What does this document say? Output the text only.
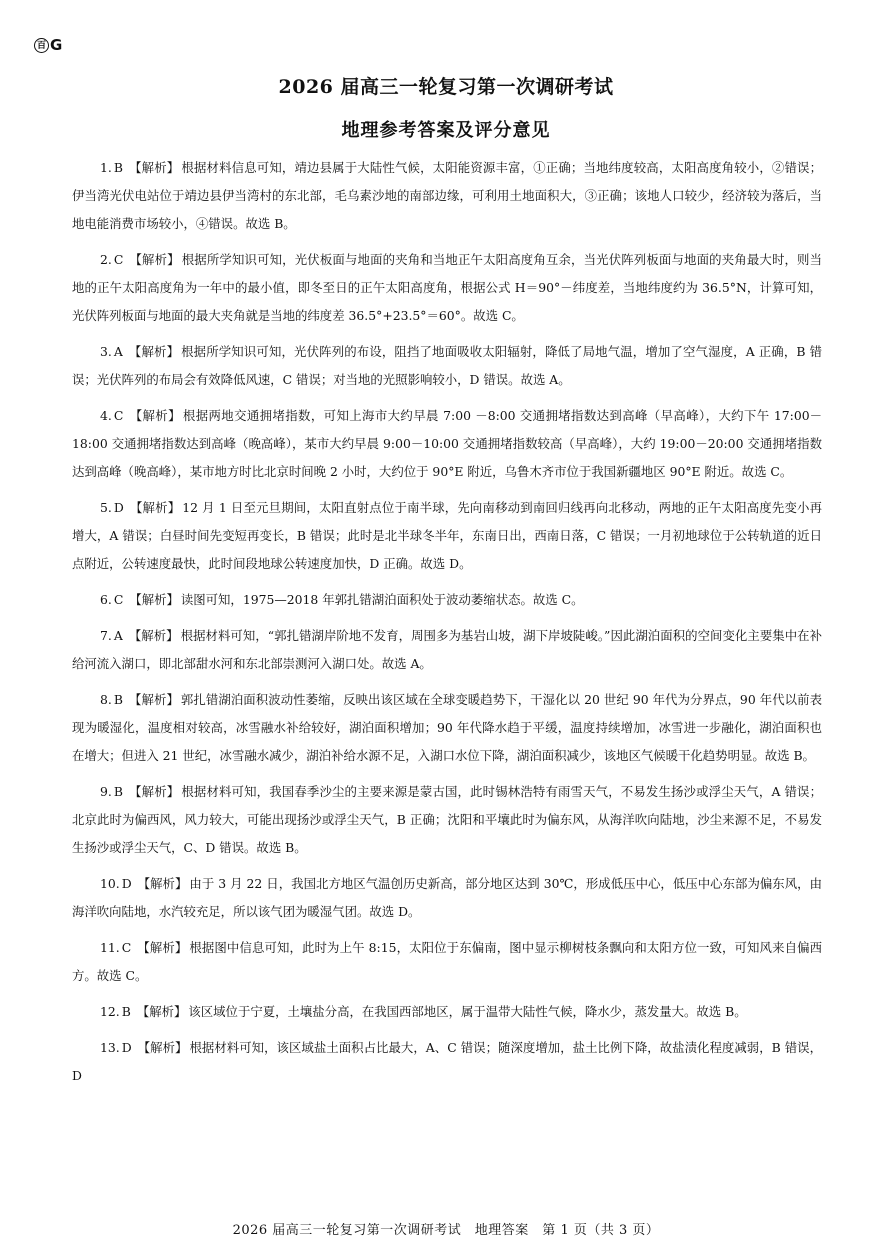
百 G
2026 届高三一轮复习第一次调研考试
地理参考答案及评分意见

1. B 【解析】 根据材料信息可知，靖边县属于大陆性气候，太阳能资源丰富，①正确；当地纬度较高，太阳高度角较小，②错误；伊当湾光伏电站位于靖边县伊当湾村的东北部，毛乌素沙地的南部边缘，可利用土地面积大，③正确；该地人口较少，经济较为落后，当地电能消费市场较小，④错误。故选 B。

2. C 【解析】 根据所学知识可知，光伏板面与地面的夹角和当地正午太阳高度角互余，当光伏阵列板面与地面的夹角最大时，则当地的正午太阳高度角为一年中的最小值，即冬至日的正午太阳高度角，根据公式 H＝90°－纬度差，当地纬度约为 36.5°N，计算可知，光伏阵列板面与地面的最大夹角就是当地的纬度差 36.5°+23.5°＝60°。故选 C。

3. A 【解析】 根据所学知识可知，光伏阵列的布设，阻挡了地面吸收太阳辐射，降低了局地气温，增加了空气湿度，A 正确，B 错误；光伏阵列的布局会有效降低风速，C 错误；对当地的光照影响较小，D 错误。故选 A。

4. C 【解析】 根据两地交通拥堵指数，可知上海市大约早晨 7:00 －8:00 交通拥堵指数达到高峰（早高峰），大约下午 17:00－18:00 交通拥堵指数达到高峰（晚高峰），某市大约早晨 9:00－10:00 交通拥堵指数较高（早高峰），大约 19:00－20:00 交通拥堵指数达到高峰（晚高峰），某市地方时比北京时间晚 2 小时，大约位于 90°E 附近，乌鲁木齐市位于我国新疆地区 90°E 附近。故选 C。

5. D 【解析】 12 月 1 日至元旦期间，太阳直射点位于南半球，先向南移动到南回归线再向北移动，两地的正午太阳高度先变小再增大，A 错误；白昼时间先变短再变长，B 错误；此时是北半球冬半年，东南日出，西南日落，C 错误；一月初地球位于公转轨道的近日点附近，公转速度最快，此时间段地球公转速度加快，D 正确。故选 D。

6. C 【解析】 读图可知，1975—2018 年郭扎错湖泊面积处于波动萎缩状态。故选 C。

7. A 【解析】 根据材料可知，“郭扎错湖岸阶地不发育，周围多为基岩山坡，湖下岸坡陡峻。”因此湖泊面积的空间变化主要集中在补给河流入湖口，即北部甜水河和东北部崇测河入湖口处。故选 A。

8. B 【解析】 郭扎错湖泊面积波动性萎缩，反映出该区域在全球变暖趋势下，干湿化以 20 世纪 90 年代为分界点，90 年代以前表现为暖湿化，温度相对较高，冰雪融水补给较好，湖泊面积增加；90 年代降水趋于平缓，温度持续增加，冰雪进一步融化，湖泊面积也在增大；但进入 21 世纪，冰雪融水减少，湖泊补给水源不足，入湖口水位下降，湖泊面积减少，该地区气候暖干化趋势明显。故选 B。

9. B 【解析】 根据材料可知，我国春季沙尘的主要来源是蒙古国，此时锡林浩特有雨雪天气，不易发生扬沙或浮尘天气，A 错误；北京此时为偏西风，风力较大，可能出现扬沙或浮尘天气，B 正确；沈阳和平壤此时为偏东风，从海洋吹向陆地，沙尘来源不足，不易发生扬沙或浮尘天气，C、D 错误。故选 B。

10. D 【解析】 由于 3 月 22 日，我国北方地区气温创历史新高，部分地区达到 30℃，形成低压中心，低压中心东部为偏东风，由海洋吹向陆地，水汽较充足，所以该气团为暖湿气团。故选 D。

11. C 【解析】 根据图中信息可知，此时为上午 8:15，太阳位于东偏南，图中显示柳树枝条飘向和太阳方位一致，可知风来自偏西方。故选 C。

12. B 【解析】 该区域位于宁夏，土壤盐分高，在我国西部地区，属于温带大陆性气候，降水少，蒸发量大。故选 B。

13. D 【解析】 根据材料可知，该区域盐土面积占比最大，A、C 错误；随深度增加，盐土比例下降，故盐渍化程度减弱，B 错误，D

2026 届高三一轮复习第一次调研考试　地理答案　第 1 页（共 3 页）
